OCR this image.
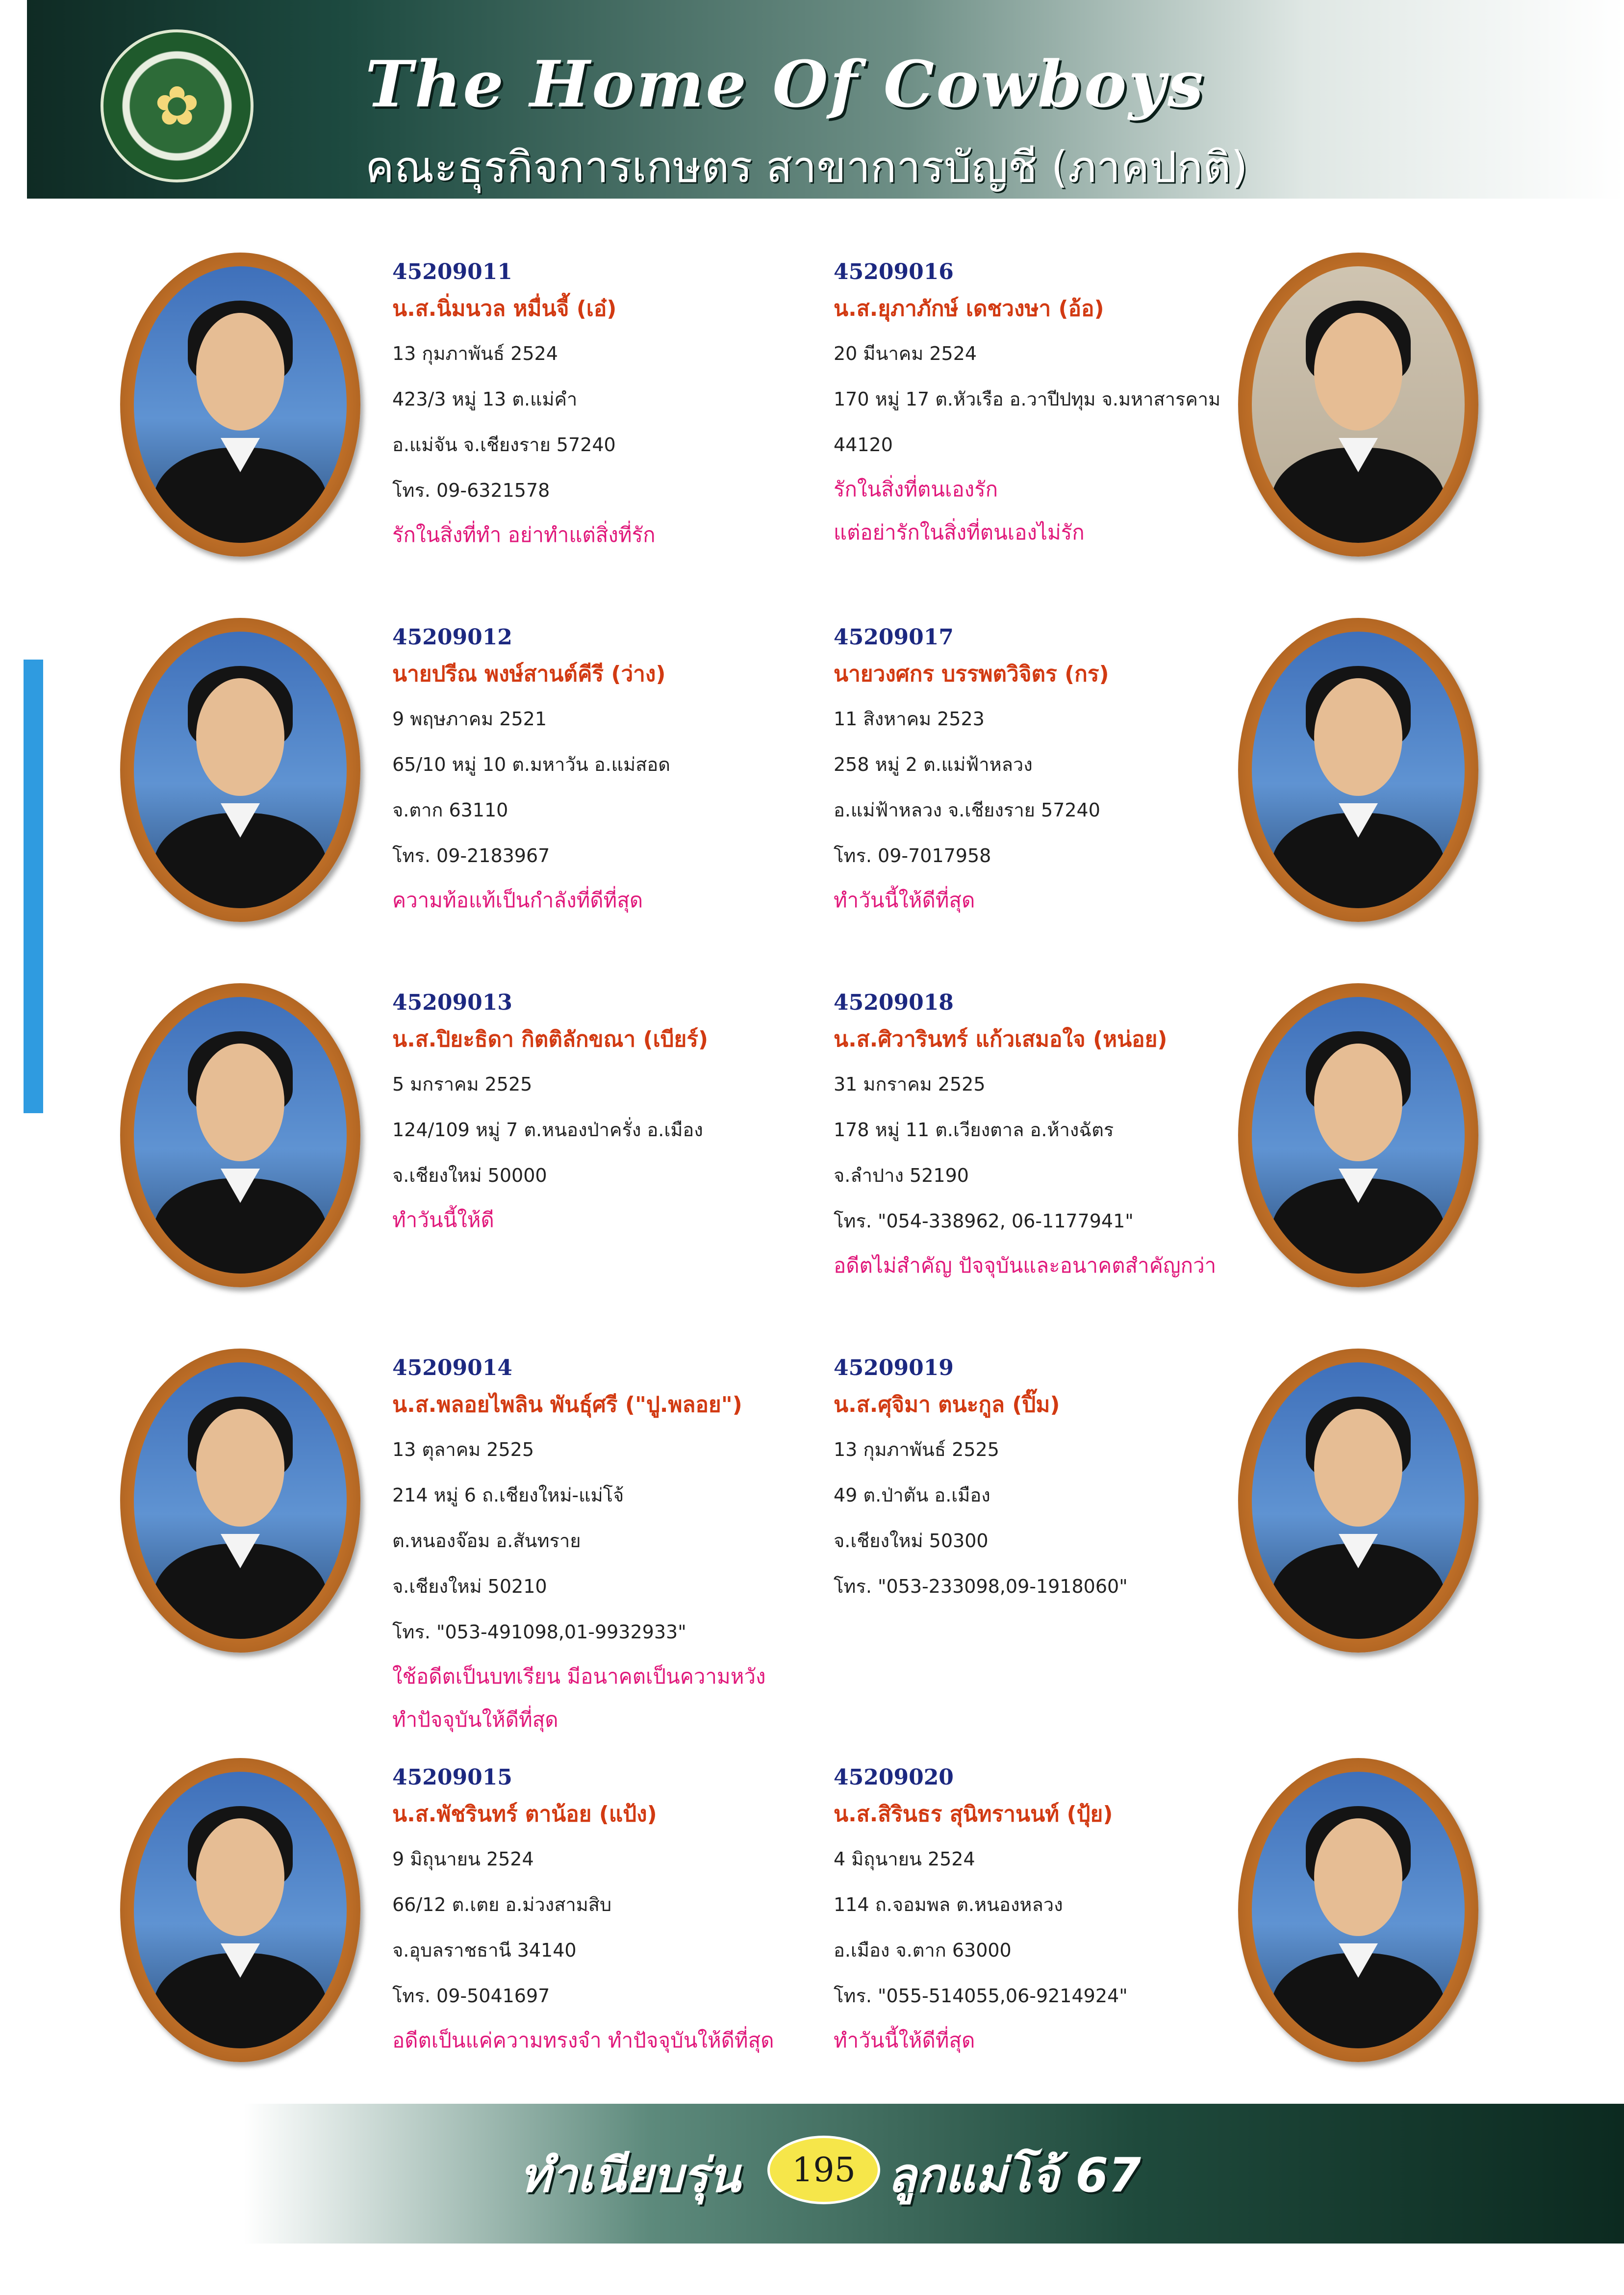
✿	The Home Of Cowboys
คณะธุรกิจการเกษตร สาขาการบัญชี (ภาคปกติ)
45209011
น.ส.นิ่มนวล หมื่นจี้ (เอ๋)
13 กุมภาพันธ์ 2524
423/3 หมู่ 13 ต.แม่คำ
อ.แม่จัน จ.เชียงราย 57240
โทร. 09-6321578
รักในสิ่งที่ทำ อย่าทำแต่สิ่งที่รัก
45209016
น.ส.ยุภาภักษ์ เดชวงษา (อ้อ)
20 มีนาคม 2524
170 หมู่ 17 ต.หัวเรือ อ.วาปีปทุม จ.มหาสารคาม
44120
รักในสิ่งที่ตนเองรัก
แต่อย่ารักในสิ่งที่ตนเองไม่รัก
45209012
นายปรีณ พงษ์สานต์คีรี (ว่าง)
9 พฤษภาคม 2521
65/10 หมู่ 10 ต.มหาวัน อ.แม่สอด
จ.ตาก 63110
โทร. 09-2183967
ความท้อแท้เป็นกำลังที่ดีที่สุด
45209017
นายวงศกร บรรพตวิจิตร (กร)
11 สิงหาคม 2523
258 หมู่ 2 ต.แม่ฟ้าหลวง
อ.แม่ฟ้าหลวง จ.เชียงราย 57240
โทร. 09-7017958
ทำวันนี้ให้ดีที่สุด
45209013
น.ส.ปิยะธิดา กิตติลักขณา (เบียร์)
5 มกราคม 2525
124/109 หมู่ 7 ต.หนองป่าครั่ง อ.เมือง
จ.เชียงใหม่ 50000
ทำวันนี้ให้ดี
45209018
น.ส.ศิวารินทร์ แก้วเสมอใจ (หน่อย)
31 มกราคม 2525
178 หมู่ 11 ต.เวียงตาล อ.ห้างฉัตร
จ.ลำปาง 52190
โทร. "054-338962, 06-1177941"
อดีตไม่สำคัญ ปัจจุบันและอนาคตสำคัญกว่า
45209014
น.ส.พลอยไพลิน พันธุ์ศรี ("ปู.พลอย")
13 ตุลาคม 2525
214 หมู่ 6 ถ.เชียงใหม่-แม่โจ้
ต.หนองจ๊อม อ.สันทราย
จ.เชียงใหม่ 50210
โทร. "053-491098,01-9932933"
ใช้อดีตเป็นบทเรียน มีอนาคตเป็นความหวัง
ทำปัจจุบันให้ดีที่สุด
45209019
น.ส.ศุจิมา ตนะกูล (ปิ๊ม)
13 กุมภาพันธ์ 2525
49 ต.ป่าตัน อ.เมือง
จ.เชียงใหม่ 50300
โทร. "053-233098,09-1918060"
45209015
น.ส.พัชรินทร์ ตาน้อย (แป้ง)
9 มิถุนายน 2524
66/12 ต.เตย อ.ม่วงสามสิบ
จ.อุบลราชธานี 34140
โทร. 09-5041697
อดีตเป็นแค่ความทรงจำ ทำปัจจุบันให้ดีที่สุด
45209020
น.ส.สิรินธร สุนิทรานนท์ (ปุ้ย)
4 มิถุนายน 2524
114 ถ.จอมพล ต.หนองหลวง
อ.เมือง จ.ตาก 63000
โทร. "055-514055,06-9214924"
ทำวันนี้ให้ดีที่สุด
ทำเนียบรุ่น	195 ลูกแม่โจ้ 67
